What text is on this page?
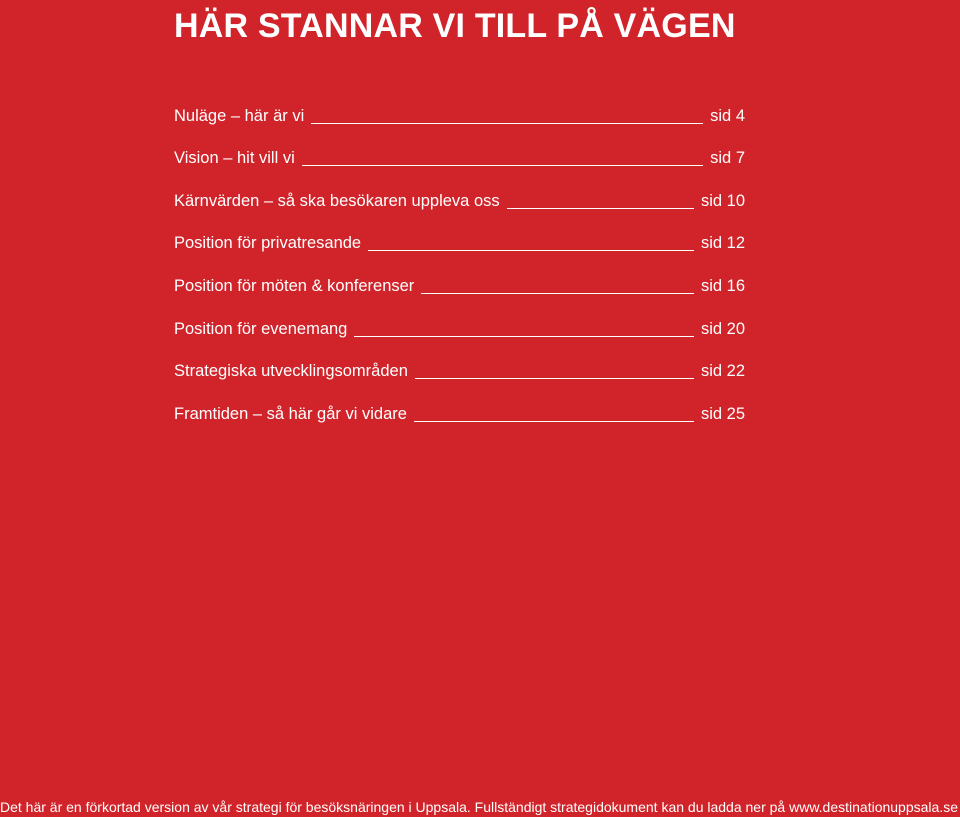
HÄR STANNAR VI TILL PÅ VÄGEN
Nuläge – här är vi	sid 4
Vision – hit vill vi	sid 7
Kärnvärden – så ska besökaren uppleva oss	sid 10
Position för privatresande	sid 12
Position för möten & konferenser	sid 16
Position för evenemang	sid 20
Strategiska utvecklingsområden	sid 22
Framtiden – så här går vi vidare	sid 25
Det här är en förkortad version av vår strategi för besöksnäringen i Uppsala. Fullständigt strategidokument kan du ladda ner på www.destinationuppsala.se
